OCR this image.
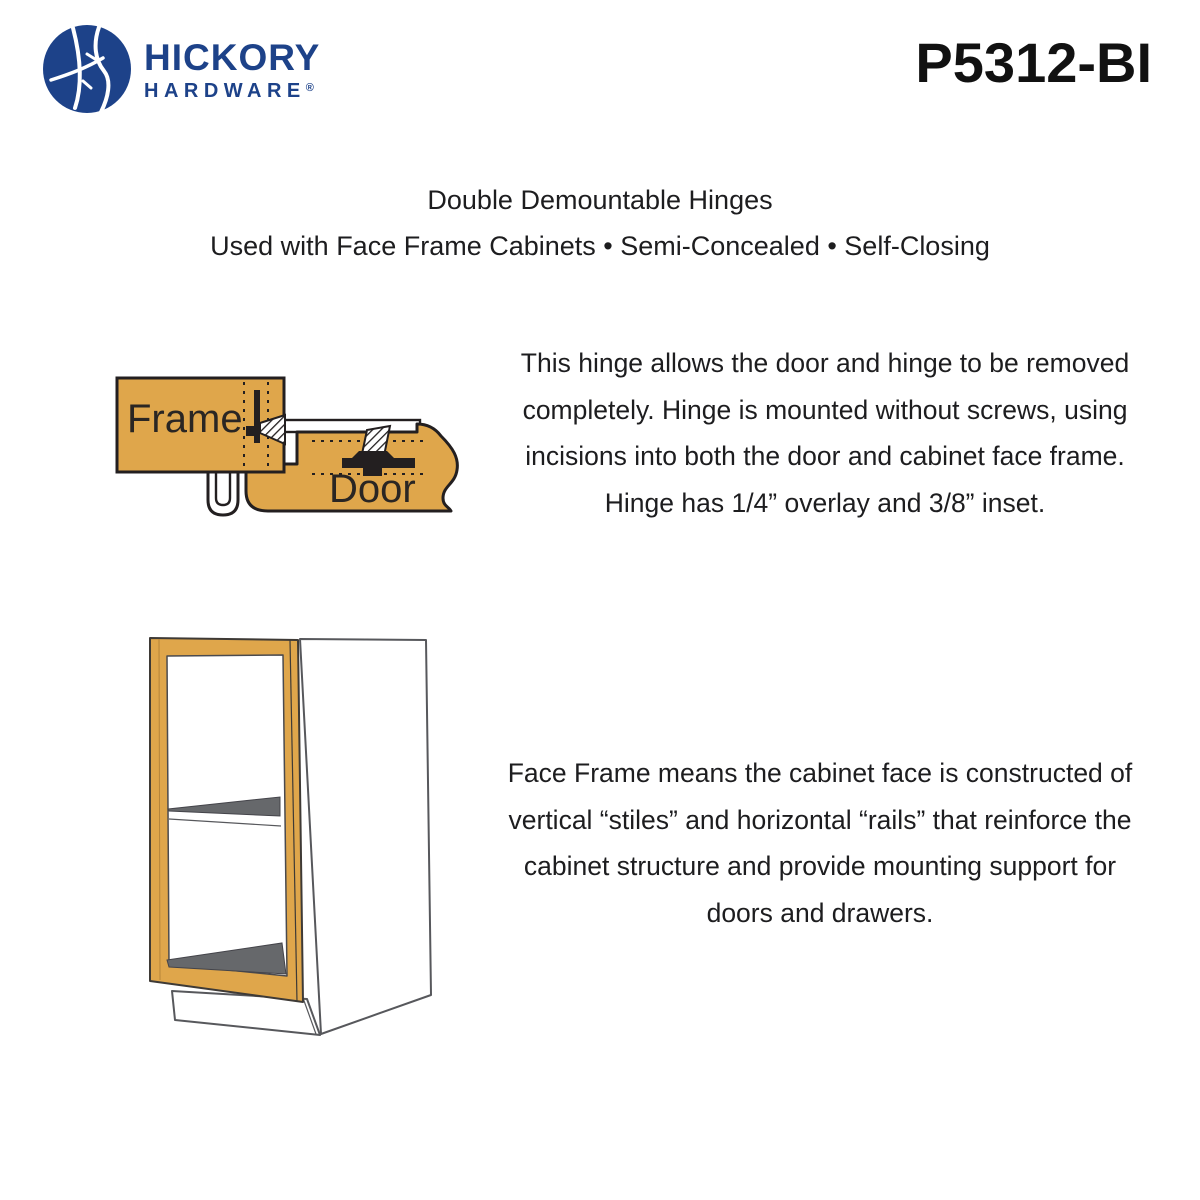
HICKORY
HARDWARE®	P5312-BI
Double Demountable Hinges
Used with Face Frame Cabinets • Semi-Concealed • Self-Closing
Frame
Door
This hinge allows the door and hinge to be removed completely. Hinge is mounted without screws, using incisions into both the door and cabinet face frame. Hinge has 1/4” overlay and 3/8” inset.
Face Frame means the cabinet face is constructed of vertical “stiles” and horizontal “rails” that reinforce the cabinet structure and provide mounting support for doors and drawers.
